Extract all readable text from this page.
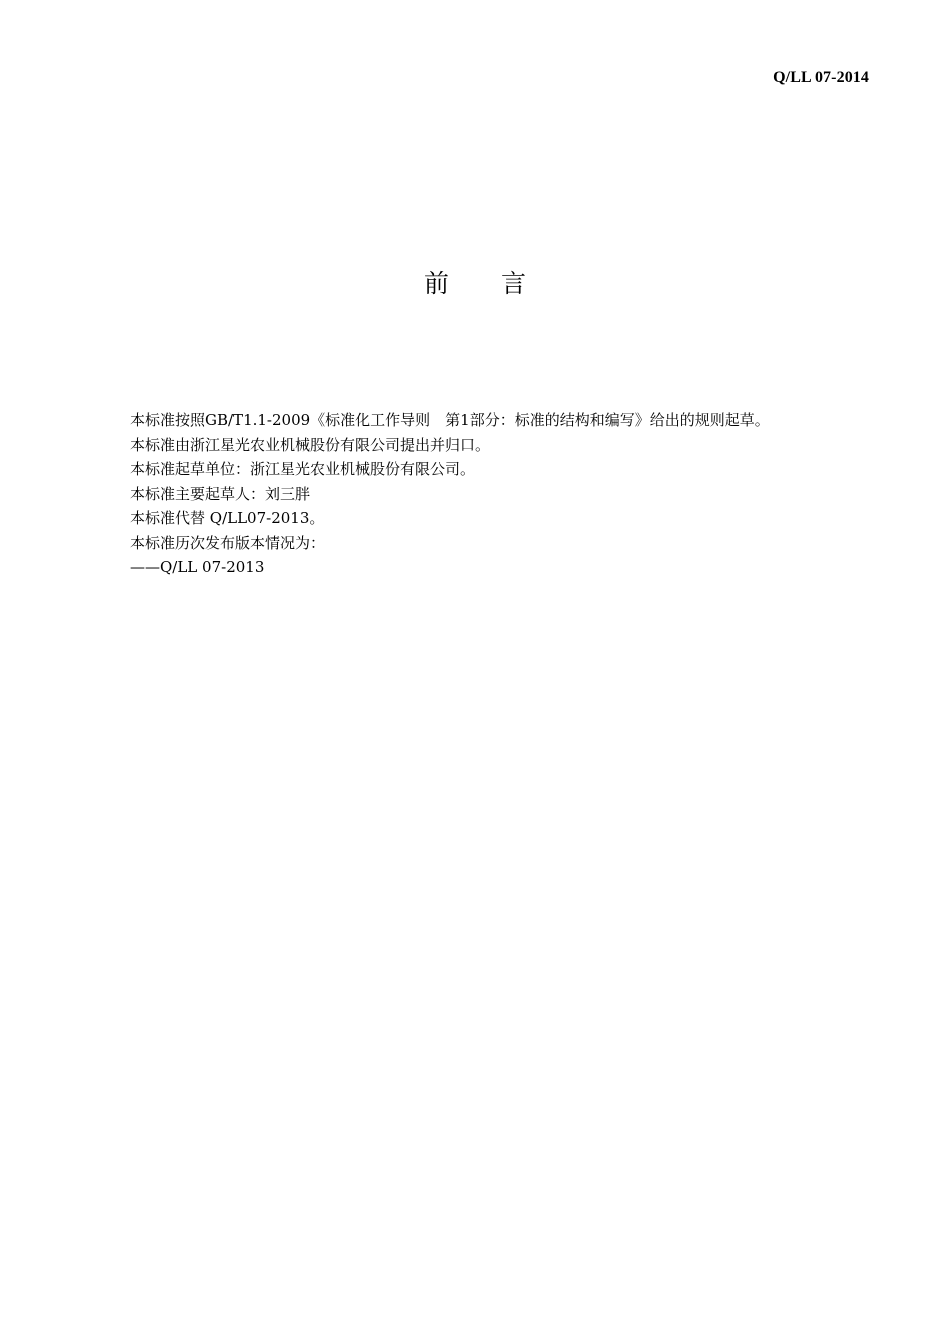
Q/LL 07-2014
前 言
本标准按照GB/T1.1-2009《标准化工作导则　第1部分：标准的结构和编写》给出的规则起草。
本标准由浙江星光农业机械股份有限公司提出并归口。
本标准起草单位：浙江星光农业机械股份有限公司。
本标准主要起草人：刘三胖
本标准代替 Q/LL07-2013。
本标准历次发布版本情况为：
——Q/LL 07-2013
